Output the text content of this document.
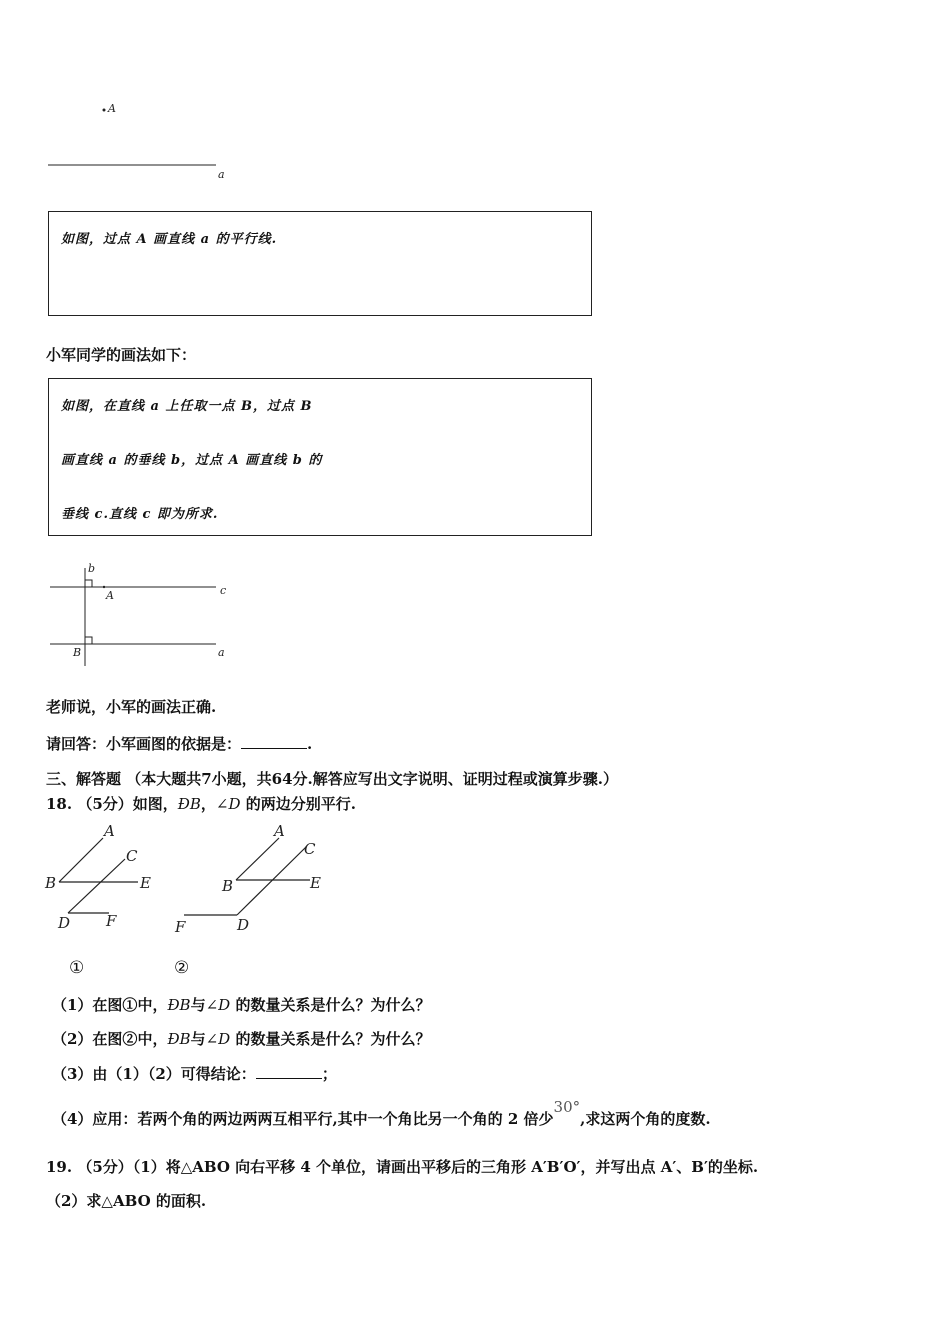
A
a
如图，过点 A 画直线 a 的平行线.
小军同学的画法如下：
如图，在直线 a 上任取一点 B，过点 B
画直线 a 的垂线 b，过点 A 画直线 b 的
垂线 c.直线 c 即为所求.
b
c
A
B	a
老师说，小军的画法正确.
请回答：小军画图的依据是：	.
三、解答题 （本大题共7小题，共64分.解答应写出文字说明、证明过程或演算步骤.）
18. （5分）如图，ÐB，∠D 的两边分别平行.
A
C
B	E
D F
A
C
B	E
F	D
①	②
（1）在图①中，ÐB与∠D 的数量关系是什么？为什么？
（2）在图②中，ÐB与∠D 的数量关系是什么？为什么？
（3）由（1）（2）可得结论：	；
（4）应用：若两个角的两边两两互相平行,其中一个角比另一个角的 2 倍少30°,求这两个角的度数.
19. （5分）（1）将△ABO 向右平移 4 个单位，请画出平移后的三角形 A′B′O′，并写出点 A′、B′的坐标.
（2）求△ABO 的面积.
